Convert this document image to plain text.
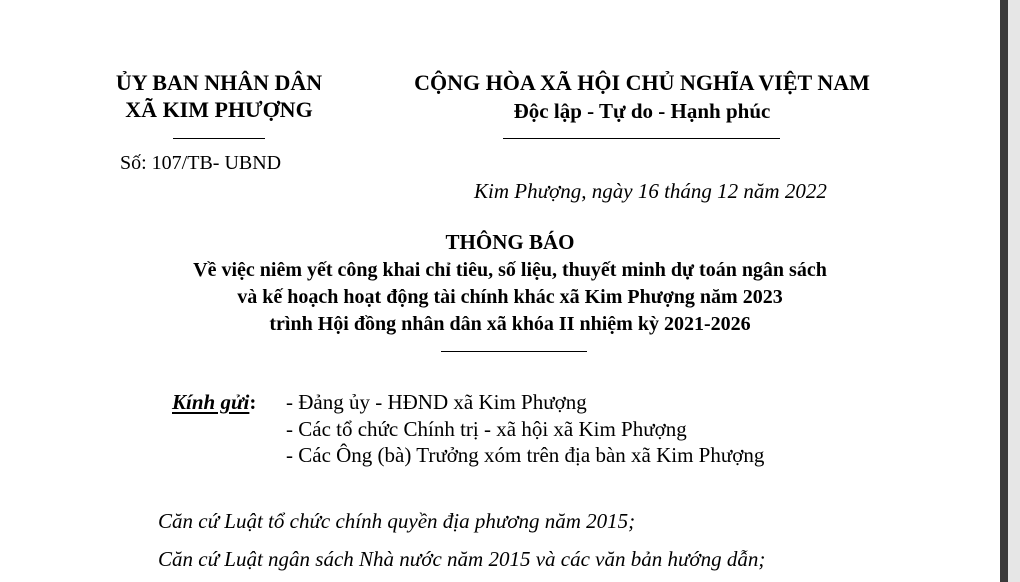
ỦY BAN NHÂN DÂN
XÃ KIM PHƯỢNG
CỘNG HÒA XÃ HỘI CHỦ NGHĨA VIỆT NAM
Độc lập - Tự do - Hạnh phúc
Số: 107/TB- UBND
Kim Phượng, ngày 16 tháng 12 năm 2022
THÔNG BÁO
Về việc niêm yết công khai chỉ tiêu, số liệu, thuyết minh dự toán ngân sách
và kế hoạch hoạt động tài chính khác xã Kim Phượng năm 2023
trình Hội đồng nhân dân xã khóa II nhiệm kỳ 2021-2026
Kính gửi: - Đảng ủy - HĐND xã Kim Phượng
- Các tổ chức Chính trị - xã hội xã Kim Phượng
- Các Ông (bà) Trưởng xóm trên địa bàn xã Kim Phượng
Căn cứ Luật tổ chức chính quyền địa phương năm 2015;
Căn cứ Luật ngân sách Nhà nước năm 2015 và các văn bản hướng dẫn;
